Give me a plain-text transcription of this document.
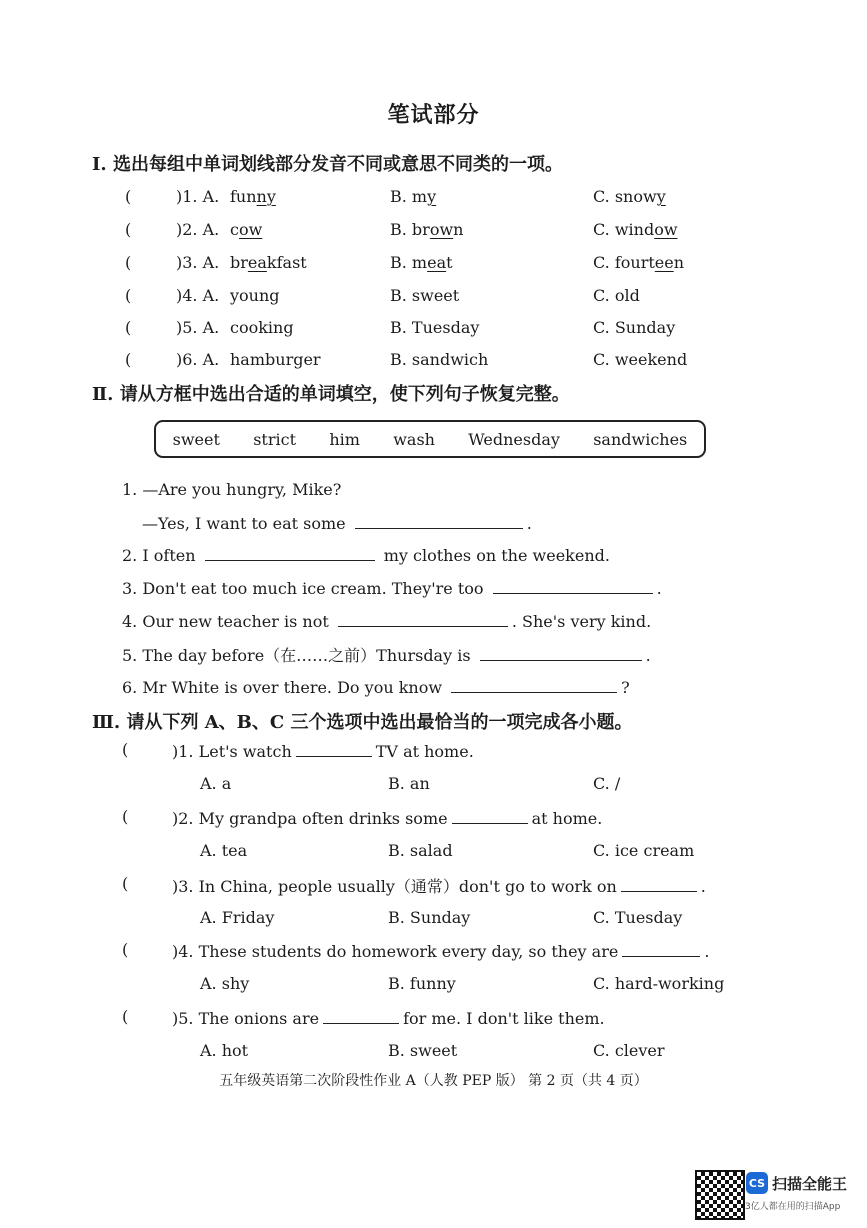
笔试部分
Ⅰ. 选出每组中单词划线部分发音不同或意思不同类的一项。
(	)1. A. funny	B. my	C. snowy
(	)2. A. cow	B. brown	C. window
(	)3. A. breakfast	B. meat	C. fourteen
(	)4. A. young	B. sweet	C. old
(	)5. A. cooking	B. Tuesday	C. Sunday
(	)6. A. hamburger	B. sandwich	C. weekend
Ⅱ. 请从方框中选出合适的单词填空，使下列句子恢复完整。
sweet strict him wash Wednesday sandwiches
1. —Are you hungry, Mike?
—Yes, I want to eat some	.
2. I often	my clothes on the weekend.
3. Don't eat too much ice cream. They're too	.
4. Our new teacher is not	. She's very kind.
5. The day before（在……之前）Thursday is	.
6. Mr White is over there. Do you know	?
Ⅲ. 请从下列 A、B、C 三个选项中选出最恰当的一项完成各小题。
(	)1. Let's watch	TV at home.
A. a	B. an	C. /
(	)2. My grandpa often drinks some	at home.
A. tea	B. salad	C. ice cream
(	)3. In China, people usually（通常）don't go to work on	.
A. Friday	B. Sunday	C. Tuesday
(	)4. These students do homework every day, so they are	.
A. shy	B. funny	C. hard-working
(	)5. The onions are	for me. I don't like them.
A. hot	B. sweet	C. clever
五年级英语第二次阶段性作业 A（人教 PEP 版） 第 2 页（共 4 页）
CS 扫描全能王
3亿人都在用的扫描App
